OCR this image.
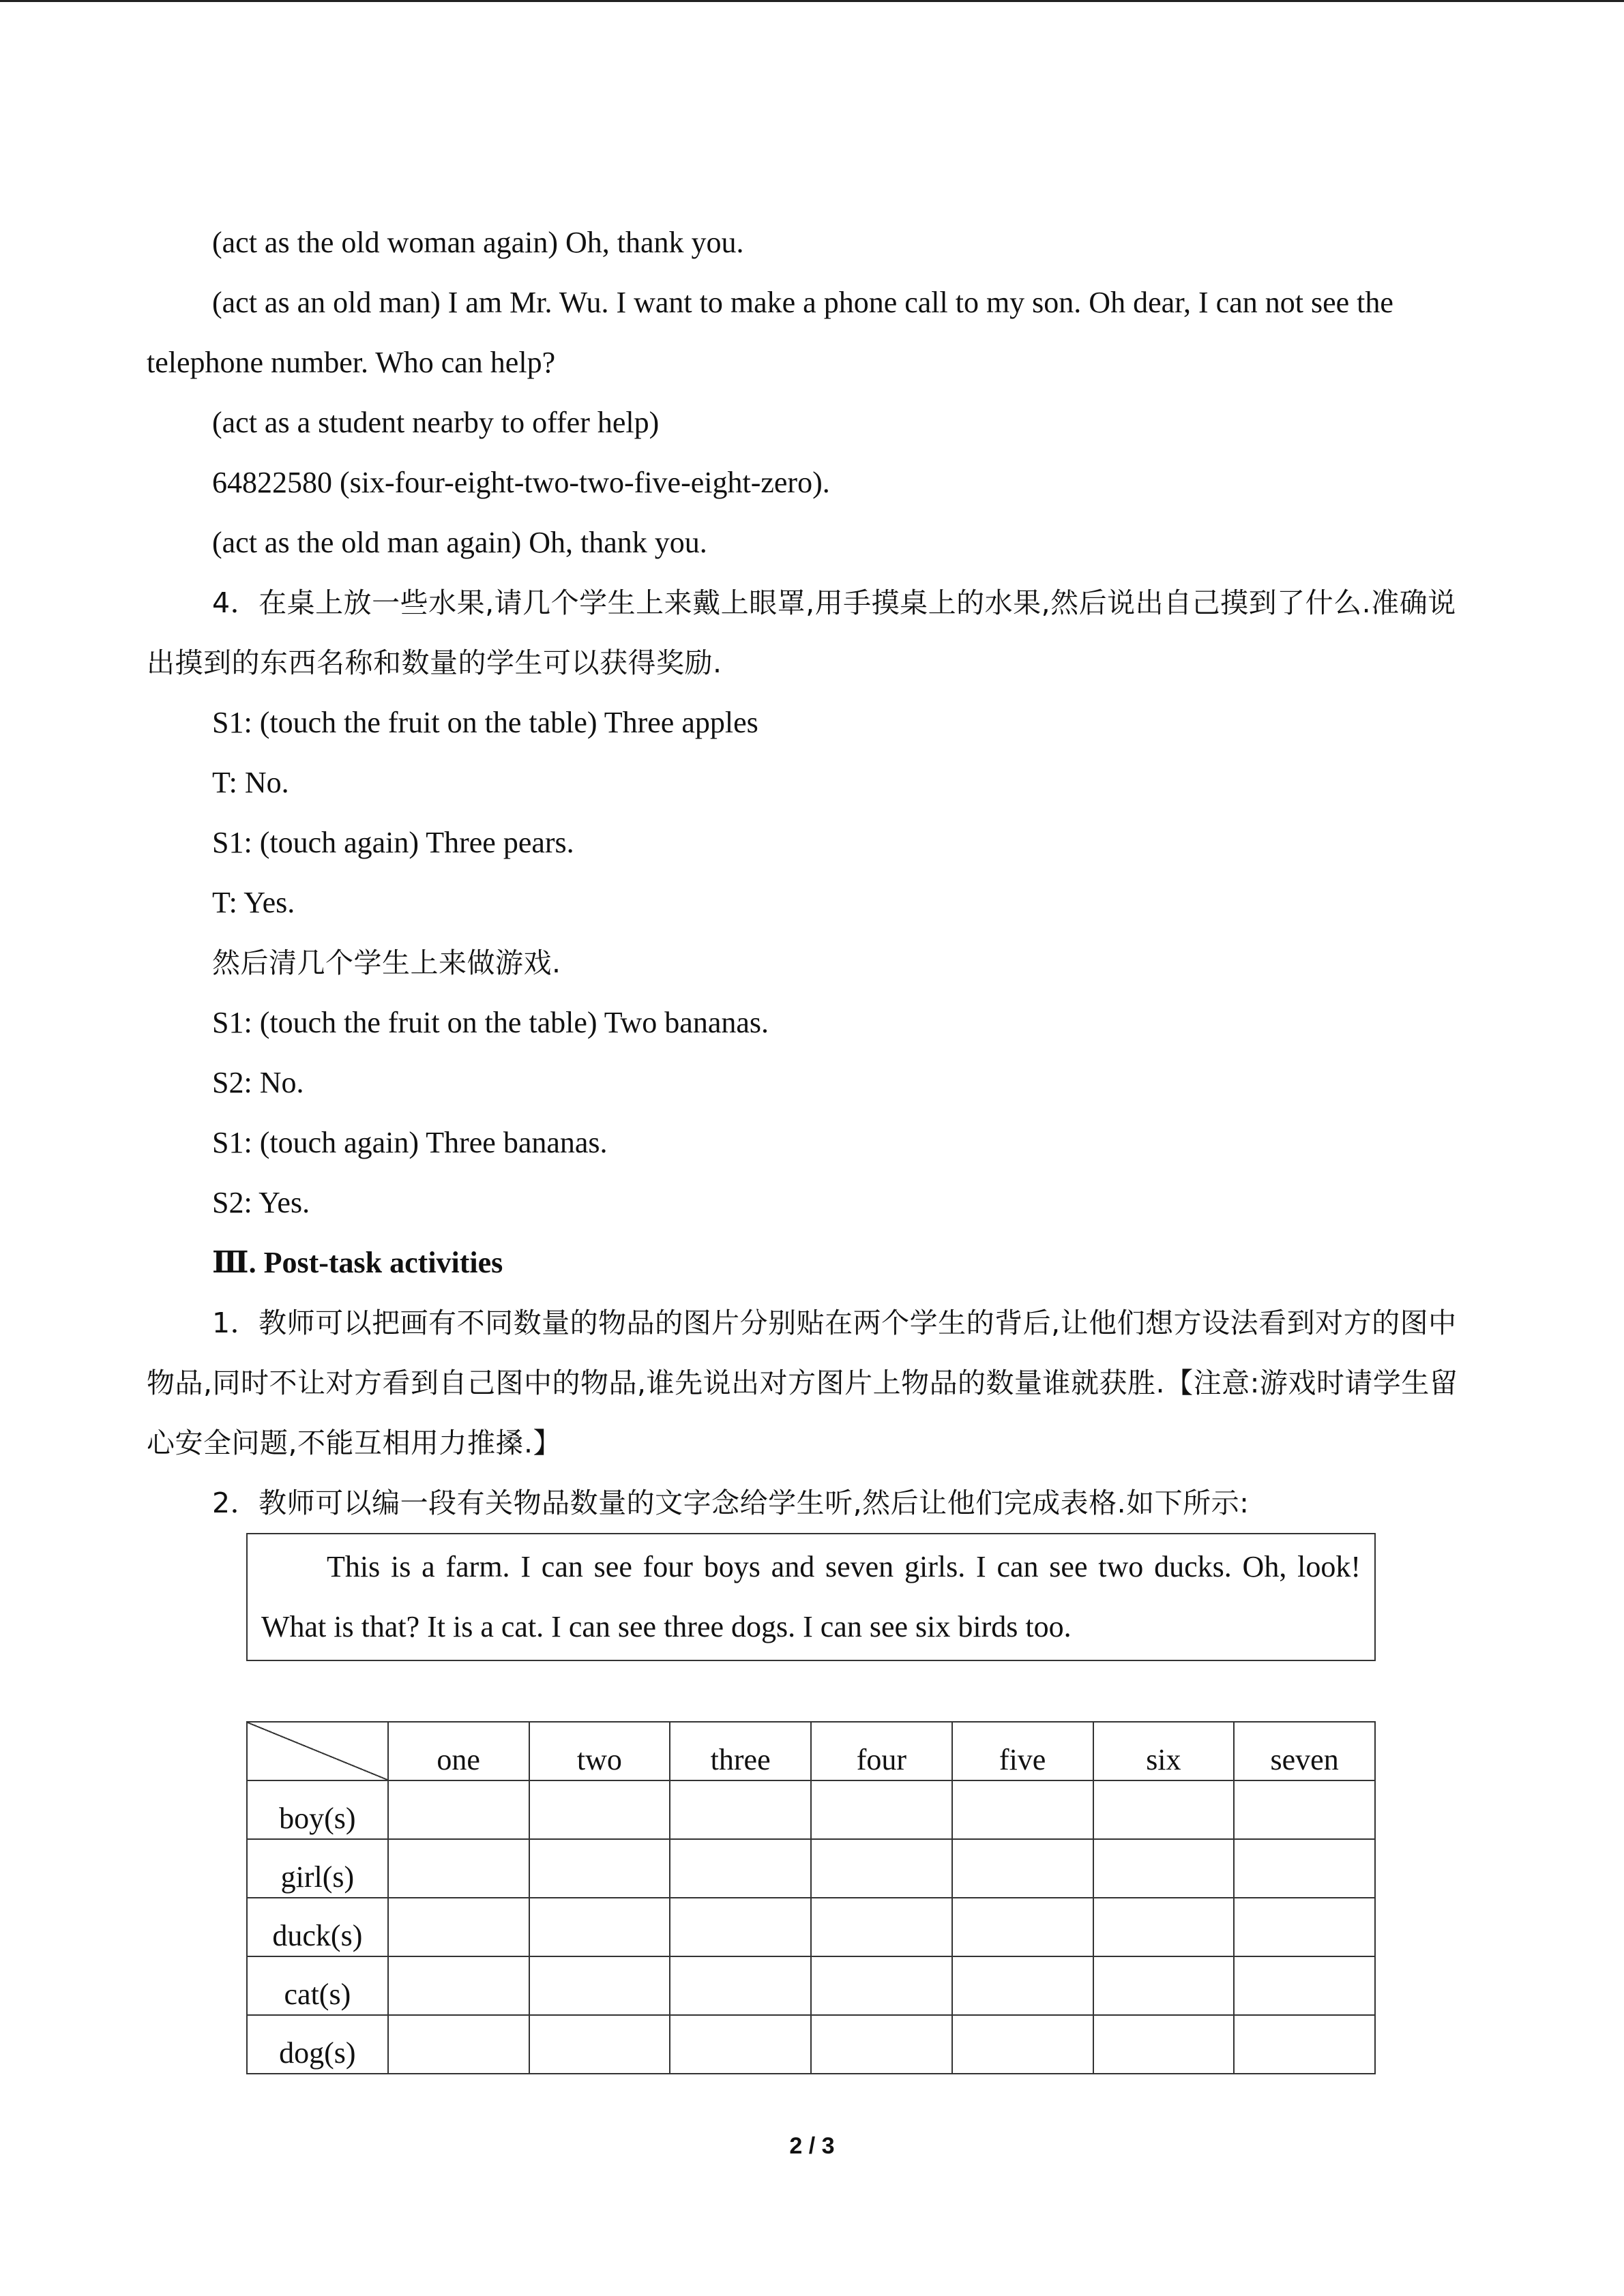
(act as the old woman again) Oh, thank you.

(act as an old man) I am Mr. Wu. I want to make a phone call to my son. Oh dear, I can not see the telephone number. Who can help?

(act as a student nearby to offer help)

64822580 (six-four-eight-two-two-five-eight-zero).

(act as the old man again) Oh, thank you.

4．在桌上放一些水果,请几个学生上来戴上眼罩,用手摸桌上的水果,然后说出自己摸到了什么.准确说出摸到的东西名称和数量的学生可以获得奖励.

S1: (touch the fruit on the table) Three apples

T: No.

S1: (touch again) Three pears.

T: Yes.

然后清几个学生上来做游戏.

S1: (touch the fruit on the table) Two bananas.

S2: No.

S1: (touch again) Three bananas.

S2: Yes.

Ⅲ. Post-task activities

1．教师可以把画有不同数量的物品的图片分别贴在两个学生的背后,让他们想方设法看到对方的图中物品,同时不让对方看到自己图中的物品,谁先说出对方图片上物品的数量谁就获胜.【注意:游戏时请学生留心安全问题,不能互相用力推搡.】

2．教师可以编一段有关物品数量的文字念给学生听,然后让他们完成表格.如下所示:

This is a farm. I can see four boys and seven girls. I can see two ducks. Oh, look! What is that? It is a cat. I can see three dogs. I can see six birds too.

	one	two	three	four	five	six	seven
boy(s)							
girl(s)							
duck(s)							
cat(s)							
dog(s)							
2 / 3
